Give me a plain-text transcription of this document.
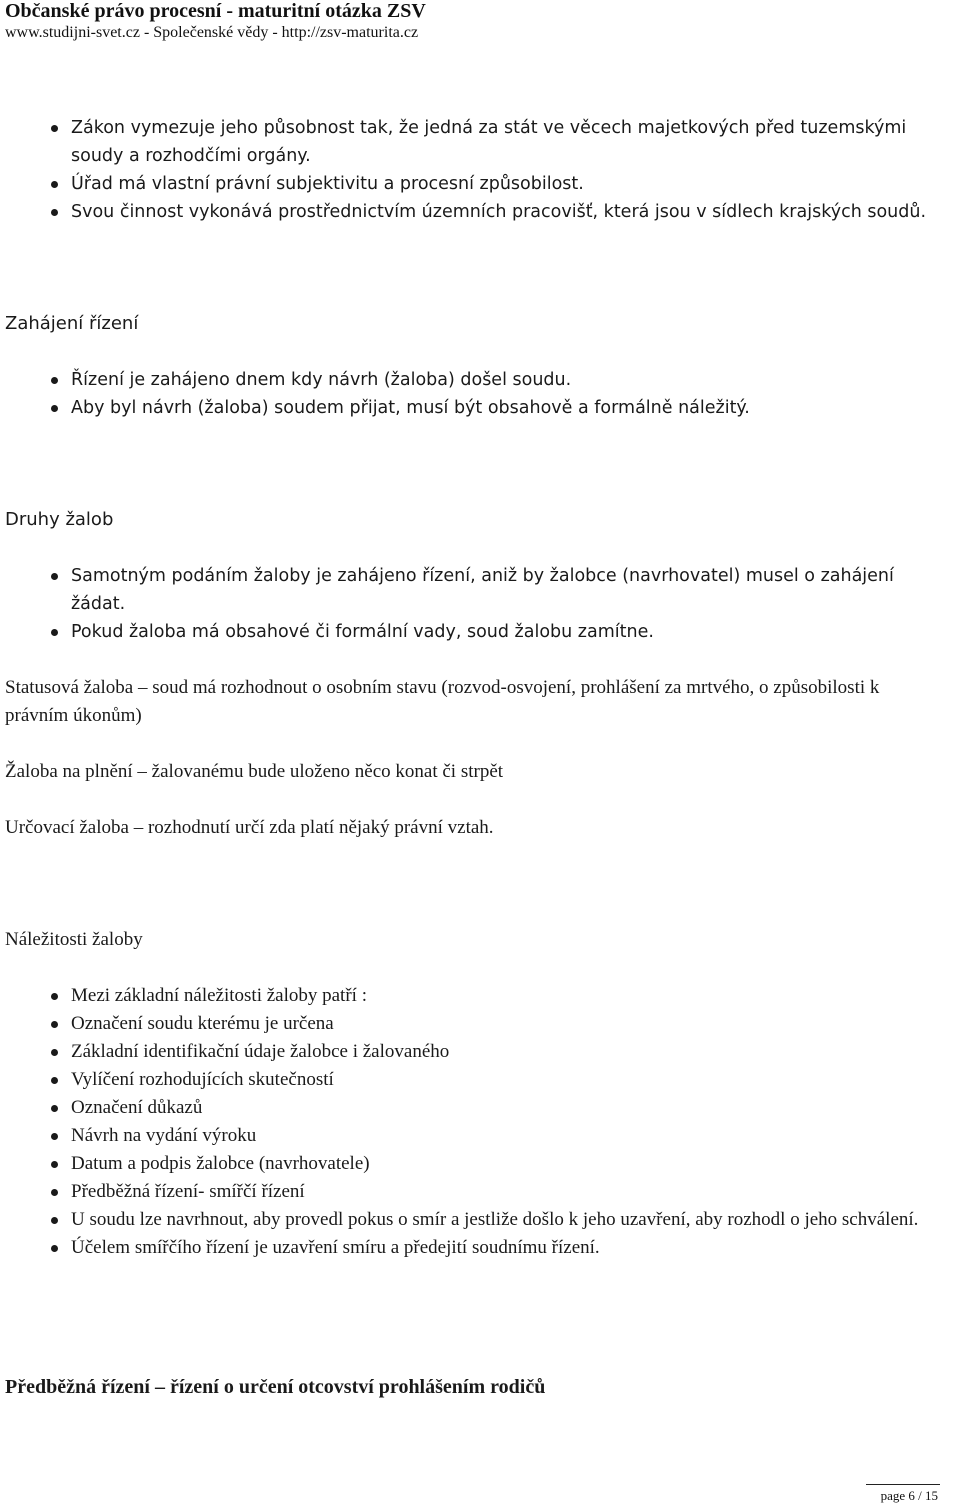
Občanské právo procesní - maturitní otázka ZSV

www.studijni-svet.cz - Společenské vědy - http://zsv-maturita.cz

Zákon vymezuje jeho působnost tak, že jedná za stát ve věcech majetkových před tuzemskými soudy a rozhodčími orgány.
Úřad má vlastní právní subjektivitu a procesní způsobilost.
Svou činnost vykonává prostřednictvím územních pracovišť, která jsou v sídlech krajských soudů.
Zahájení řízení
Řízení je zahájeno dnem kdy návrh (žaloba) došel soudu.
Aby byl návrh (žaloba) soudem přijat, musí být obsahově a formálně náležitý.
Druhy žalob
Samotným podáním žaloby je zahájeno řízení, aniž by žalobce (navrhovatel) musel o zahájení žádat.
Pokud žaloba má obsahové či formální vady, soud žalobu zamítne.

Statusová žaloba – soud má rozhodnout o osobním stavu (rozvod-osvojení, prohlášení za mrtvého, o způsobilosti k právním úkonům)

Žaloba na plnění – žalovanému bude uloženo něco konat či strpět

Určovací žaloba – rozhodnutí určí zda platí nějaký právní vztah.

Náležitosti žaloby
Mezi základní náležitosti žaloby patří :
Označení soudu kterému je určena
Základní identifikační údaje žalobce i žalovaného
Vylíčení rozhodujících skutečností
Označení důkazů
Návrh na vydání výroku
Datum a podpis žalobce (navrhovatele)
Předběžná řízení- smířčí řízení
U soudu lze navrhnout, aby provedl pokus o smír a jestliže došlo k jeho uzavření, aby rozhodl o jeho schválení.
Účelem smířčího řízení je uzavření smíru a předejití soudnímu řízení.
Předběžná řízení – řízení o určení otcovství prohlášením rodičů
page 6 / 15
